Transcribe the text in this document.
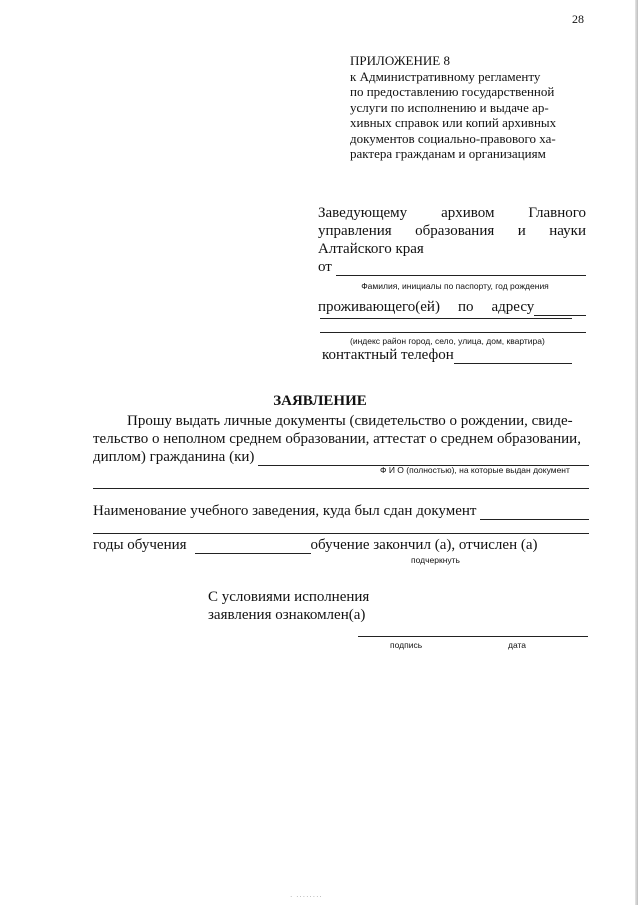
28
ПРИЛОЖЕНИЕ 8
к Административному регламенту
по предоставлению государственной
услуги по исполнению и выдаче ар-
хивных справок или копий архивных
документов социально-правового ха-
рактера гражданам и организациям
Заведующему архивом Главного
управления образования и науки
Алтайского края
от
Фамилия, инициалы по паспорту, год рождения
проживающего(ей) по адресу
(индекс район город, село, улица, дом, квартира)
контактный телефон
ЗАЯВЛЕНИЕ
Прошу выдать личные документы (свидетельство о рождении, свиде-
тельство о неполном среднем образовании, аттестат о среднем образовании,
диплом) гражданина (ки)
Ф И О (полностью), на которые выдан документ
Наименование учебного заведения, куда был сдан документ
годы обучения	обучение закончил (а), отчислен (а)
подчеркнуть
С условиями исполнения
заявления ознакомлен(а)
подпись	дата
· ········
